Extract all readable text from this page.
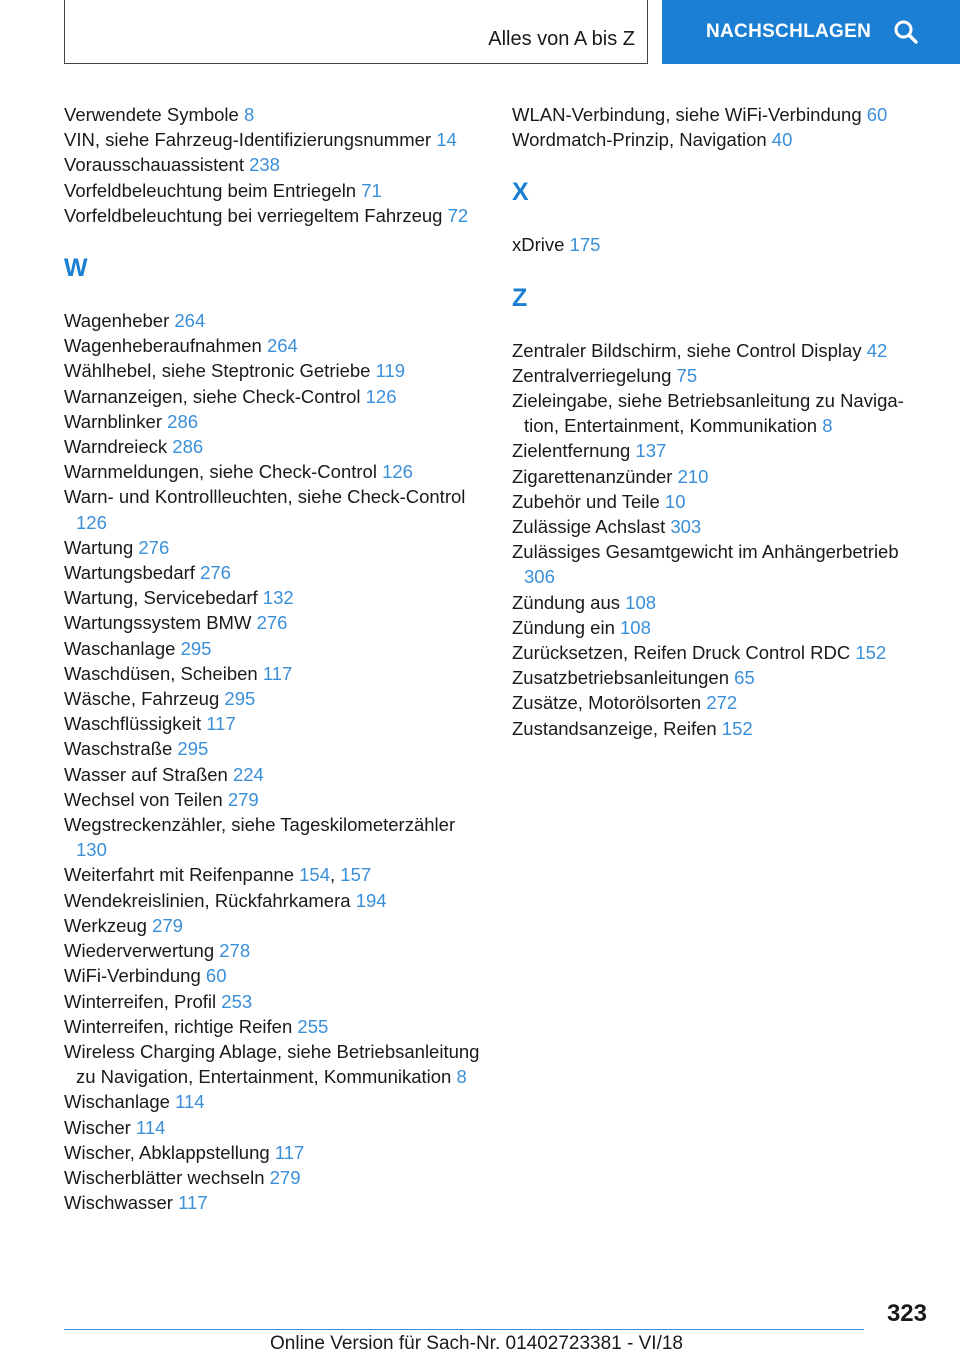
Alles von A bis Z	NACHSCHLAGEN

Verwendete Symbole 8

VIN, siehe Fahrzeug-Identifizierungsnummer 14

Vorausschauassistent 238

Vorfeldbeleuchtung beim Entriegeln 71

Vorfeldbeleuchtung bei verriegeltem Fahrzeug 72

W

Wagenheber 264

Wagenheberaufnahmen 264

Wählhebel, siehe Steptronic Getriebe 119

Warnanzeigen, siehe Check-Control 126

Warnblinker 286

Warndreieck 286

Warnmeldungen, siehe Check-Control 126

Warn- und Kontrollleuchten, siehe Check-Control 126

Wartung 276

Wartungsbedarf 276

Wartung, Servicebedarf 132

Wartungssystem BMW 276

Waschanlage 295

Waschdüsen, Scheiben 117

Wäsche, Fahrzeug 295

Waschflüssigkeit 117

Waschstraße 295

Wasser auf Straßen 224

Wechsel von Teilen 279

Wegstreckenzähler, siehe Tageskilometerzähler 130

Weiterfahrt mit Reifenpanne 154, 157

Wendekreislinien, Rückfahrkamera 194

Werkzeug 279

Wiederverwertung 278

WiFi-Verbindung 60

Winterreifen, Profil 253

Winterreifen, richtige Reifen 255

Wireless Charging Ablage, siehe Betriebsanleitung zu Navigation, Entertainment, Kommunikation 8

Wischanlage 114

Wischer 114

Wischer, Abklappstellung 117

Wischerblätter wechseln 279

Wischwasser 117

WLAN-Verbindung, siehe WiFi-Verbindung 60

Wordmatch-Prinzip, Navigation 40

X

xDrive 175

Z

Zentraler Bildschirm, siehe Control Display 42

Zentralverriegelung 75

Zieleingabe, siehe Betriebsanleitung zu Navigation, Entertainment, Kommunikation 8

Zielentfernung 137

Zigarettenanzünder 210

Zubehör und Teile 10

Zulässige Achslast 303

Zulässiges Gesamtgewicht im Anhängerbetrieb 306

Zündung aus 108

Zündung ein 108

Zurücksetzen, Reifen Druck Control RDC 152

Zusatzbetriebsanleitungen 65

Zusätze, Motorölsorten 272

Zustandsanzeige, Reifen 152

323
Online Version für Sach-Nr. 01402723381 - VI/18
